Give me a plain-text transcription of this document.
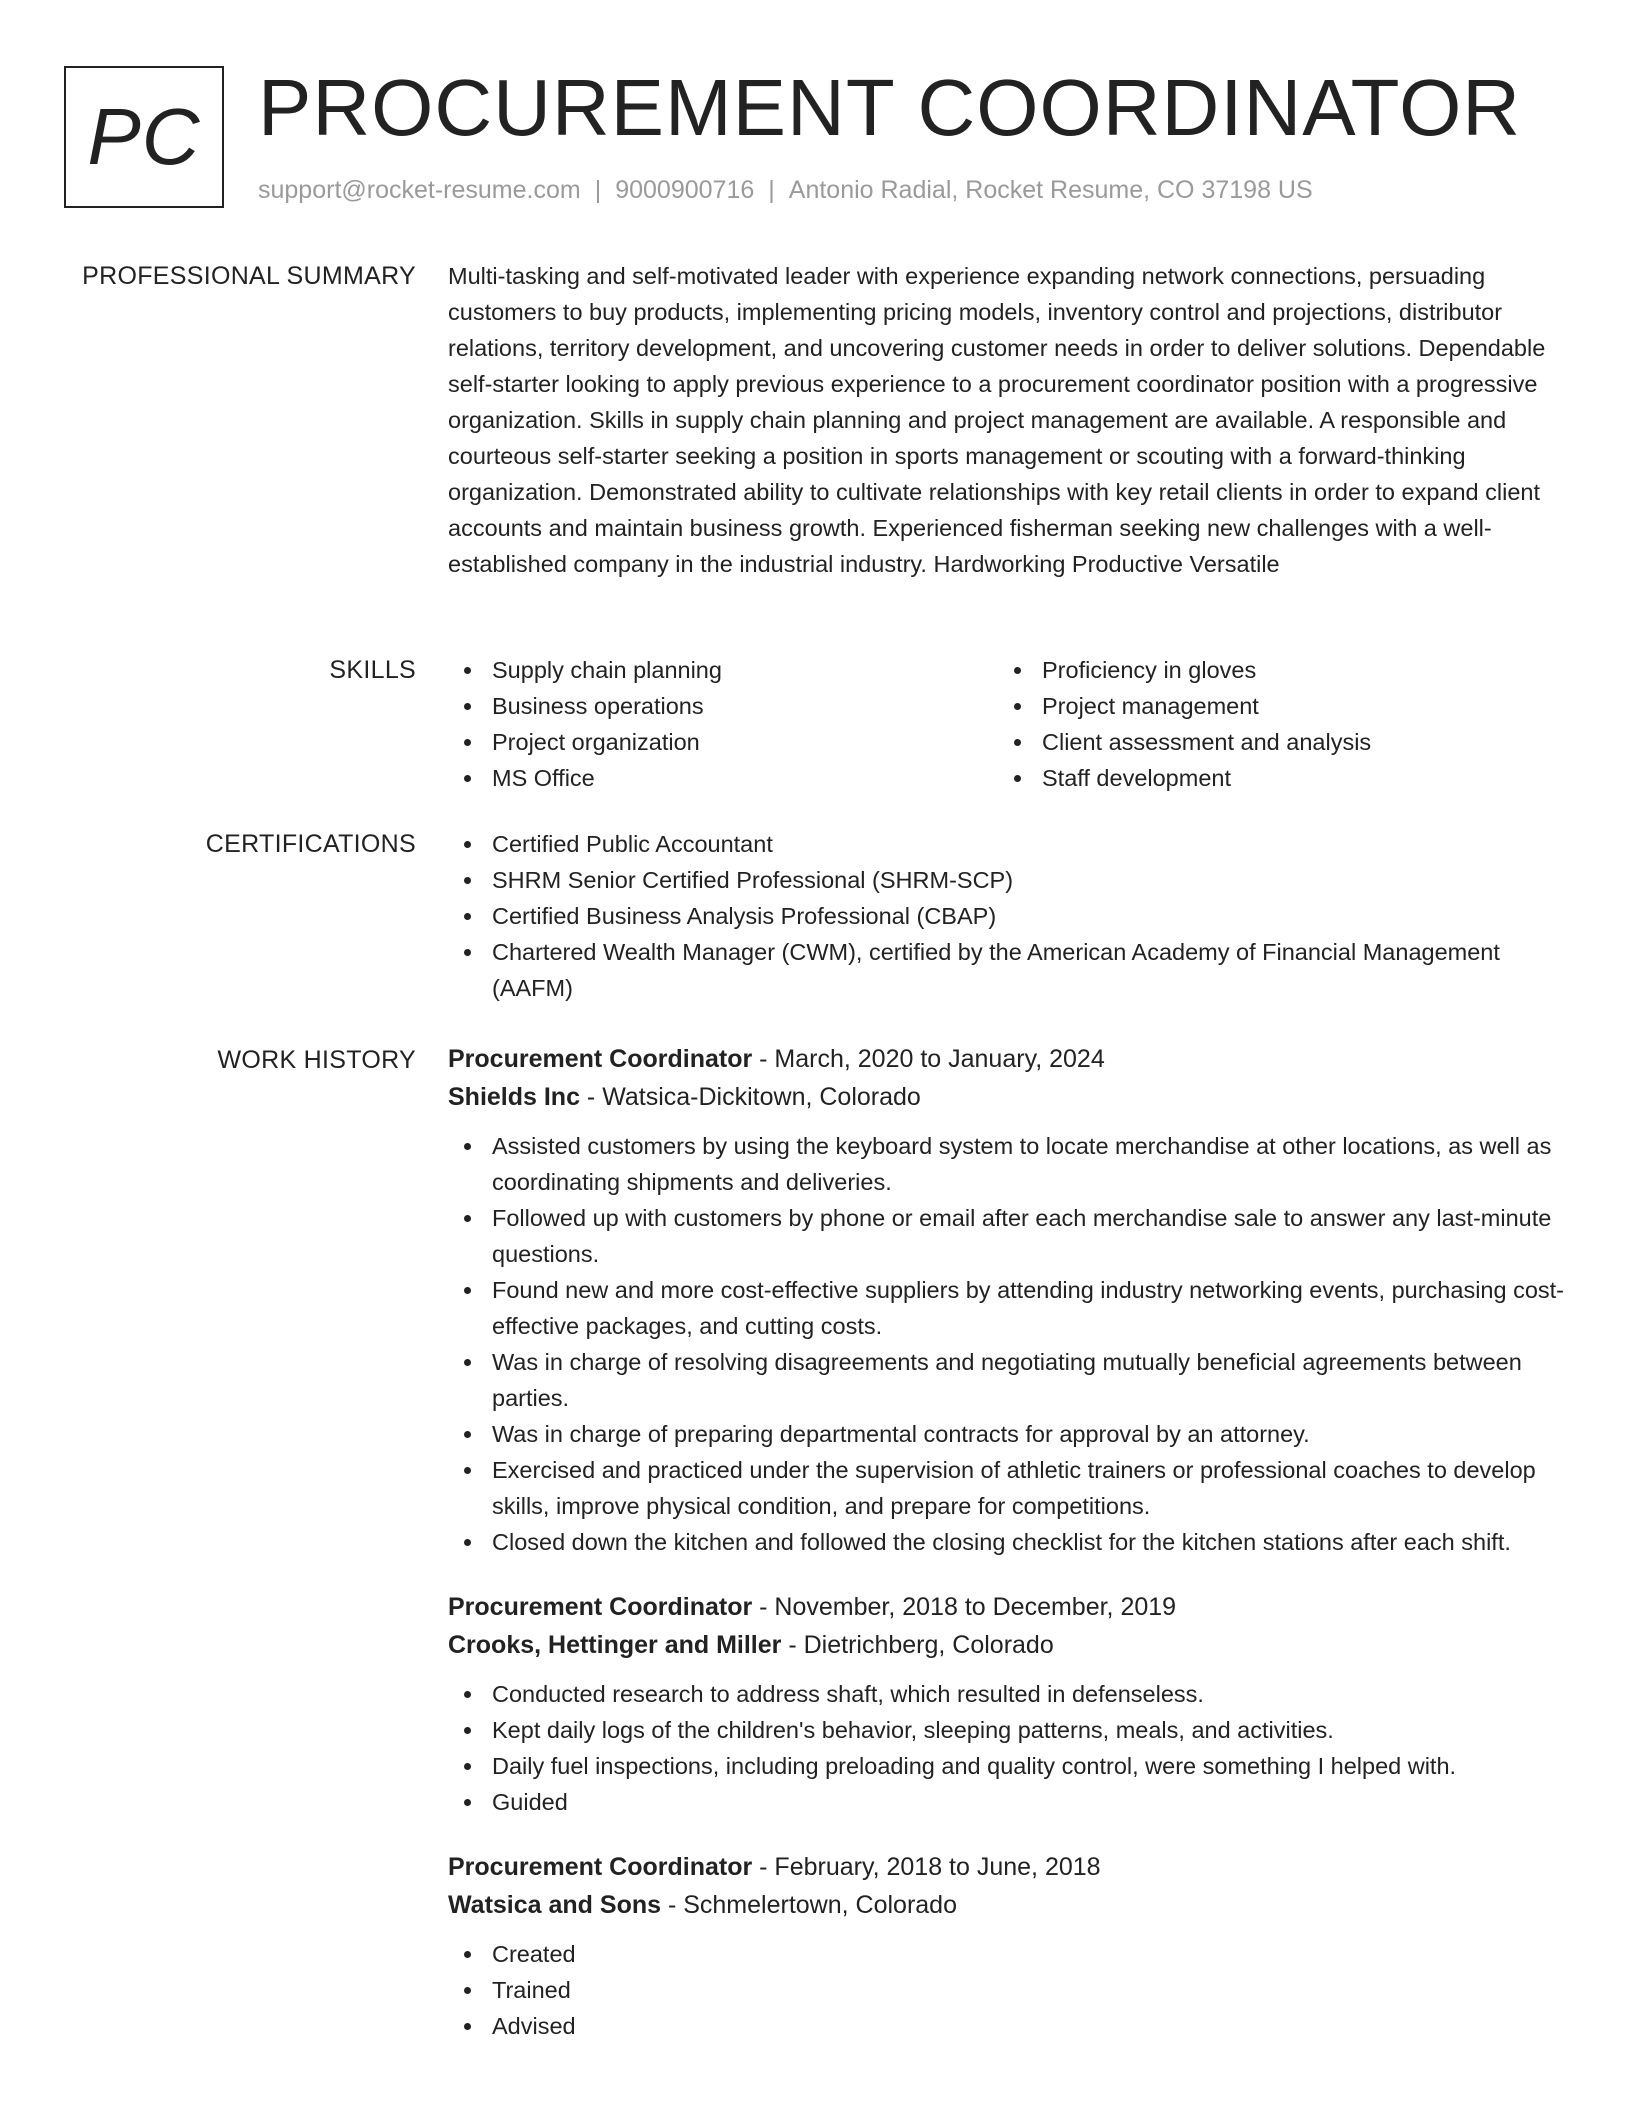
PC PROCUREMENT COORDINATOR
support@rocket-resume.com | 9000900716 | Antonio Radial, Rocket Resume, CO 37198 US
PROFESSIONAL SUMMARY Multi-tasking and self-motivated leader with experience expanding network connections, persuading customers to buy products, implementing pricing models, inventory control and projections, distributor relations, territory development, and uncovering customer needs in order to deliver solutions. Dependable self-starter looking to apply previous experience to a procurement coordinator position with a progressive organization. Skills in supply chain planning and project management are available. A responsible and courteous self-starter seeking a position in sports management or scouting with a forward-thinking organization. Demonstrated ability to cultivate relationships with key retail clients in order to expand client accounts and maintain business growth. Experienced fisherman seeking new challenges with a well-established company in the industrial industry. Hardworking Productive Versatile
SKILLS	Supply chain planning
Business operations
Project organization
MS Office
Proficiency in gloves
Project management
Client assessment and analysis
Staff development
CERTIFICATIONS	Certified Public Accountant
SHRM Senior Certified Professional (SHRM-SCP)
Certified Business Analysis Professional (CBAP)
Chartered Wealth Manager (CWM), certified by the American Academy of Financial Management (AAFM)
WORK HISTORY Procurement Coordinator - March, 2020 to January, 2024
Shields Inc - Watsica-Dickitown, Colorado
Assisted customers by using the keyboard system to locate merchandise at other locations, as well as coordinating shipments and deliveries.
Followed up with customers by phone or email after each merchandise sale to answer any last-minute questions.
Found new and more cost-effective suppliers by attending industry networking events, purchasing cost-effective packages, and cutting costs.
Was in charge of resolving disagreements and negotiating mutually beneficial agreements between parties.
Was in charge of preparing departmental contracts for approval by an attorney.
Exercised and practiced under the supervision of athletic trainers or professional coaches to develop skills, improve physical condition, and prepare for competitions.
Closed down the kitchen and followed the closing checklist for the kitchen stations after each shift.
Procurement Coordinator - November, 2018 to December, 2019
Crooks, Hettinger and Miller - Dietrichberg, Colorado
Conducted research to address shaft, which resulted in defenseless.
Kept daily logs of the children's behavior, sleeping patterns, meals, and activities.
Daily fuel inspections, including preloading and quality control, were something I helped with.
Guided
Procurement Coordinator - February, 2018 to June, 2018
Watsica and Sons - Schmelertown, Colorado
Created
Trained
Advised
